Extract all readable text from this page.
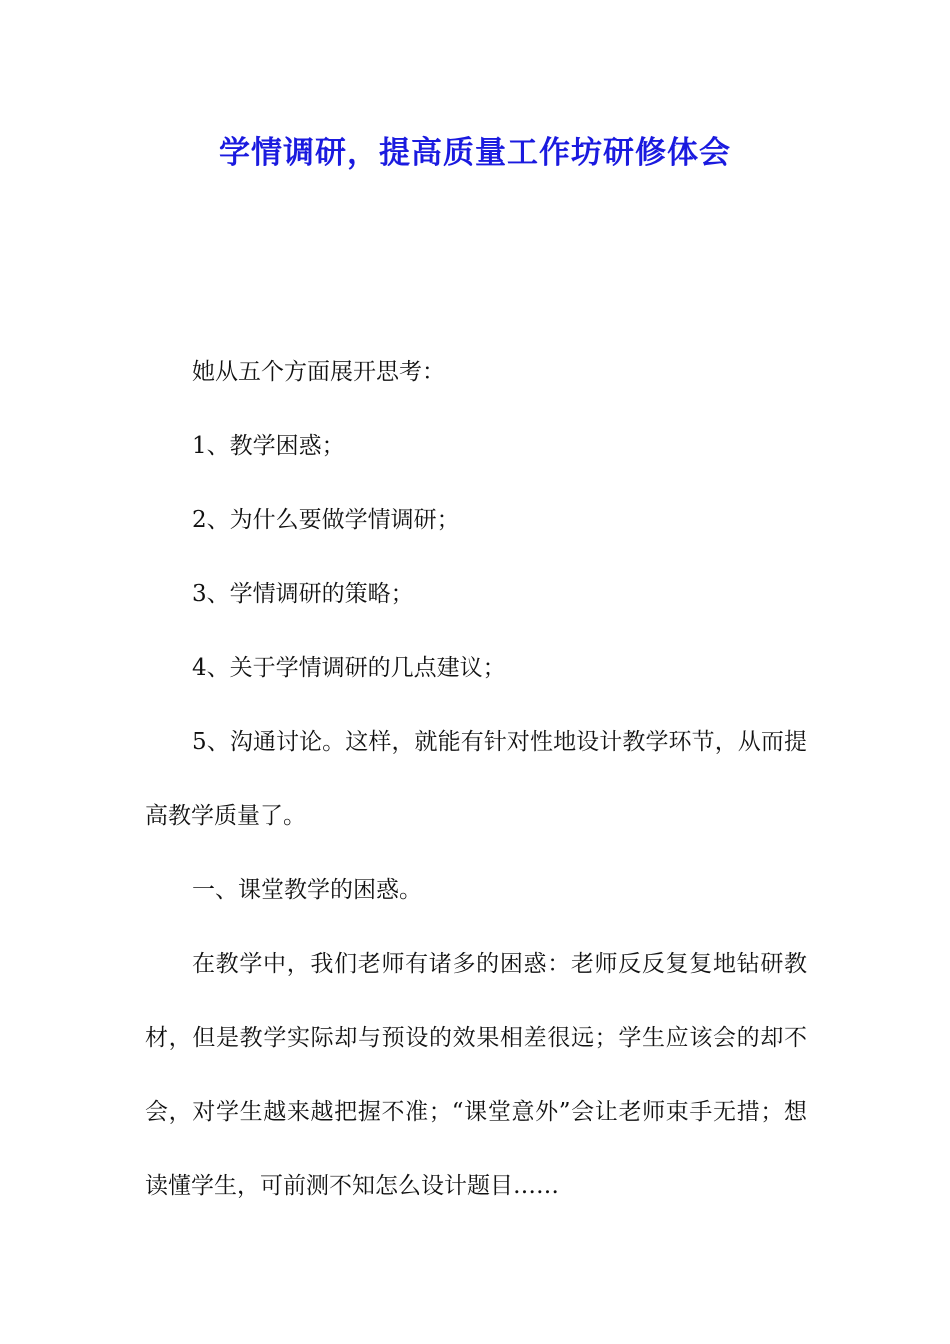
学情调研，提高质量工作坊研修体会

她从五个方面展开思考：

1、教学困惑；

2、为什么要做学情调研；

3、学情调研的策略；

4、关于学情调研的几点建议；

5、沟通讨论。这样，就能有针对性地设计教学环节，从而提高教学质量了。

一、课堂教学的困惑。

在教学中，我们老师有诸多的困惑：老师反反复复地钻研教材，但是教学实际却与预设的效果相差很远；学生应该会的却不会，对学生越来越把握不准；“课堂意外”会让老师束手无措；想读懂学生，可前测不知怎么设计题目……
